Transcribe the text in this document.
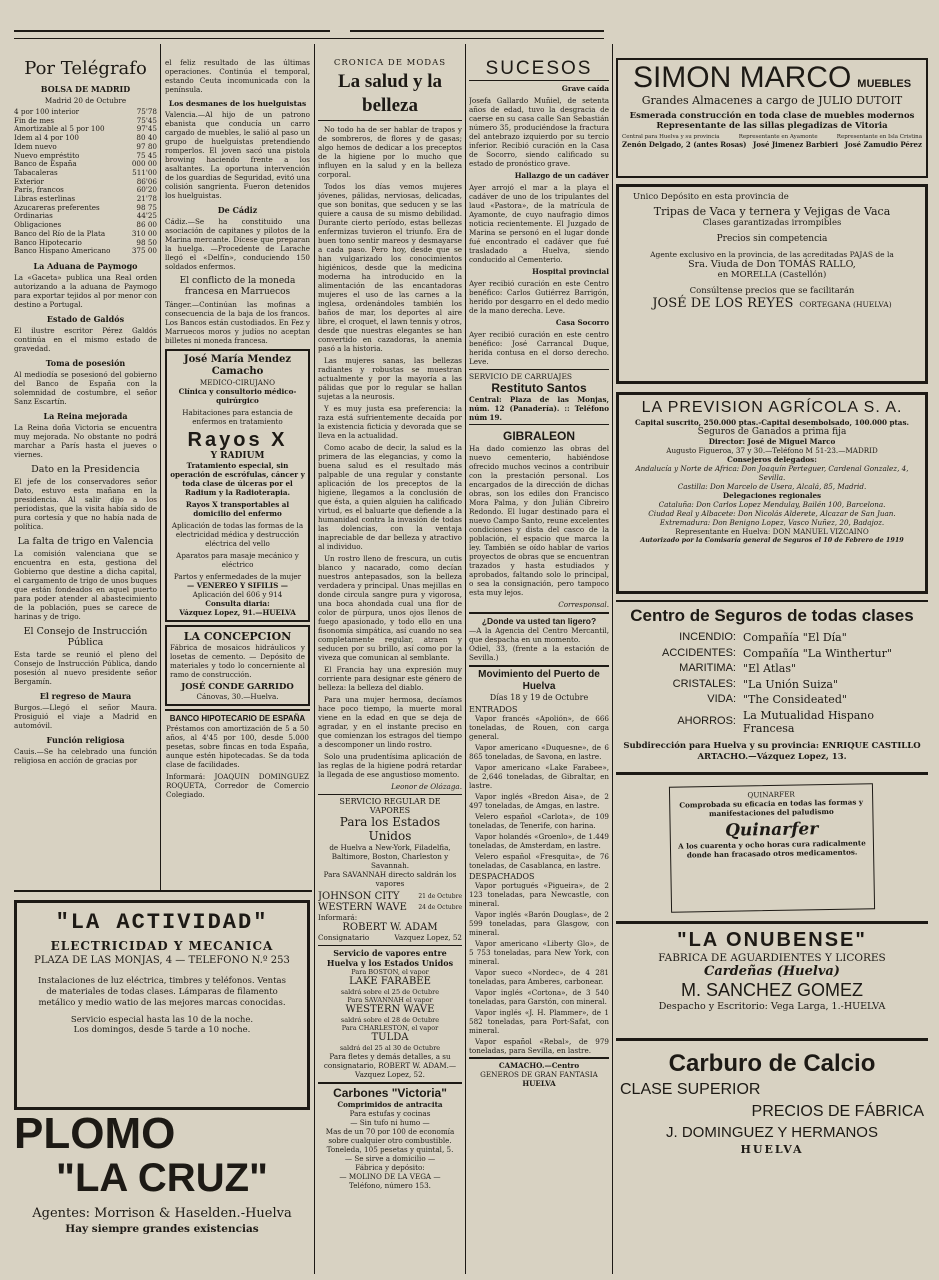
Por Telégrafo
BOLSA DE MADRID
Madrid 20 de Octubre
4 por 100 interior	75'78
Fin de mes	75'45
Amortizable al 5 por 100	97'45
Idem al 4 por 100	80 40
Idem nuevo	97 80
Nuevo empréstito	75 45
Banco de España	000 00
Tabacaleras	511'00
Exterior	86'06
París, francos	60'20
Libras esterlinas	21'78
Azucareras preferentes	98 75
Ordinarias	44'25
Obligaciones	86 00
Banco del Río de la Plata	310 00
Banco Hipotecario	98 50
Banco Hispano Americano	375 00
La Aduana de Paymogo

La «Gaceta» publica una Real orden autorizando a la aduana de Paymogo para exportar tejidos al por menor con destino a Portugal.

Estado de Galdós

El ilustre escritor Pérez Galdós continúa en el mismo estado de gravedad.

Toma de posesión

Al mediodía se posesionó del gobierno del Banco de España con la solemnidad de costumbre, el señor Sanz Escartín.

La Reina mejorada

La Reina doña Victoria se encuentra muy mejorada. No obstante no podrá marchar a París hasta el jueves o viernes.

Dato en la Presidencia

El jefe de los conservadores señor Dato, estuvo esta mañana en la presidencia. Al salir dijo a los periodistas, que la visita había sido de pura cortesía y que no había nada de política.

La falta de trigo en Valencia

La comisión valenciana que se encuentra en esta, gestiona del Gobierno que destine a dicha capital, el cargamento de trigo de unos buques que están fondeados en aquel puerto para poder atender al abastecimiento de la población, pues se carece de harinas y de trigo.

El Consejo de Instrucción Pública

Esta tarde se reunió el pleno del Consejo de Instrucción Pública, dando posesión al nuevo presidente señor Bergamín.

El regreso de Maura

Burgos.—Llegó el señor Maura. Prosiguió el viaje a Madrid en automóvil.

Función religiosa

Cauis.—Se ha celebrado una función religiosa en acción de gracias por

el feliz resultado de las últimas operaciones. Continúa el temporal, estando Ceuta incomunicada con la península.

Los desmanes de los huelguistas

Valencia.—Al hijo de un patrono ebanista que conducía un carro cargado de muebles, le salió al paso un grupo de huelguistas pretendiendo romperlos. El joven sacó una pistola browing haciendo frente a los asaltantes. La oportuna intervención de los guardias de Seguridad, evitó una colisión sangrienta. Fueron detenidos los huelguistas.

De Cádiz

Cádiz.—Se ha constituido una asociación de capitanes y pilotos de la Marina mercante. Dícese que preparan la huelga. —Procedente de Larache llegó el «Delfín», conduciendo 150 soldados enfermos.

El conflicto de la moneda francesa en Marruecos

Tánger.—Continúan las mofinas a consecuencia de la baja de los francos. Los Bancos están custodiados. En Fez y Marruecos moros y judíos no aceptan billetes ni moneda francesa.

José María Mendez Camacho
MEDICO-CIRUJANO
Clínica y consultorio médico-quirúrgico
Habitaciones para estancia de enfermos en tratamiento
Rayos X
Y RADIUM
Tratamiento especial, sin operación de escrófulas, cáncer y toda clase de úlceras por el Radium y la Radioterapia.
Rayos X transportables al domicilio del enfermo
Aplicación de todas las formas de la electricidad médica y destrucción eléctrica del vello
Aparatos para masaje mecánico y eléctrico
Partos y enfermedades de la mujer
— VENEREO Y SIFILIS —
Aplicación del 606 y 914
Consulta diaria:
Vázquez Lopez, 91.—HUELVA
LA CONCEPCION
Fábrica de mosaicos hidráulicos y losetas de cemento. — Depósito de materiales y todo lo concerniente al ramo de construcción.
JOSÉ CONDE GARRIDO
Cánovas, 30.—Huelva.
BANCO HIPOTECARIO DE ESPAÑA
Préstamos con amortización de 5 a 50 años, al 4'45 por 100, desde 5.000 pesetas, sobre fincas en toda España, aunque estén hipotecadas. Se da toda clase de facilidades.
Informará: JOAQUIN DOMINGUEZ ROQUETA, Corredor de Comercio Colegiado.
CRONICA DE MODAS
La salud y la belleza

No todo ha de ser hablar de trapos y de sombreros, de flores y de gasas; algo hemos de dedicar a los preceptos de la higiene por lo mucho que influyen en la salud y en la belleza corporal.

Todos los días vemos mujeres jóvenes, pálidas, nerviosas, delicadas, que son bonitas, que seducen y se las quiere a causa de su mismo debilidad. Durante cierto período, estas bellezas enfermizas tuvieron el triunfo. Era de buen tono sentir mareos y desmayarse a cada paso. Pero hoy, desde que se han vulgarizado los conocimientos higiénicos, desde que la medicina moderna ha introducido en la alimentación de las encantadoras mujeres el uso de las carnes a la inglesa, ordenándoles también los baños de mar, los deportes al aire libre, el croquet, el lawn tennis y otros, desde que nuestras elegantes se han convertido en cazadoras, la anemia pasó a la historia.

Las mujeres sanas, las bellezas radiantes y robustas se muestran actualmente y por la mayoría a las pálidas que por lo regular se hallan sujetas a la neurosis.

Y es muy justa esa preferencia: la raza está sufrientemente decaída por la existencia ficticia y devorada que se lleva en la actualidad.

Como acabo de decir, la salud es la primera de las elegancias, y como la buena salud es el resultado más palpable de una regular y constante aplicación de los preceptos de la higiene, llegamos a la conclusión de que ésta, a quien alguien ha calificado virtud, es el baluarte que defiende a la humanidad contra la invasión de todas las dolencias, con la ventaja inapreciable de dar belleza y atractivo al individuo.

Un rostro lleno de frescura, un cutis blanco y nacarado, como decían nuestros antepasados, son la belleza verdadera y principal. Unas mejillas en donde circula sangre pura y vigorosa, una boca ahondada cual una flor de color de púrpura, unos ojos llenos de fuego apasionado, y todo ello en una fisonomía simpática, así cuando no sea completamente regular, atraen y seducen por su brillo, así como por la viveza que comunican al semblante.

El Francia hay una expresión muy corriente para designar este género de belleza: la belleza del diablo.

Para una mujer hermosa, decíamos hace poco tiempo, la muerte moral viene en la edad en que se deja de agradar, y en el instante preciso en que comienzan los estragos del tiempo a descomponer un lindo rostro.

Solo una prudentísima aplicación de las reglas de la higiene podrá retardar la llegada de ese angustioso momento.

Leonor de Olózaga.
SERVICIO REGULAR DE VAPORES
Para los Estados Unidos
de Huelva a New-York, Filadelfia, Baltimore, Boston, Charleston y Savannah.
Para SAVANNAH directo saldrán los vapores
JOHNSON CITY	21 de Octubre
WESTERN WAVE 24 de Octubre
Informará:
ROBERT W. ADAM
Consignatario	Vazquez Lopez, 52
Servicio de vapores entre Huelva y los Estados Unidos
Para BOSTON, el vapor
LAKE FARABEE
saldrá sobre el 25 de Octubre
Para SAVANNAH el vapor
WESTERN WAVE
saldrá sobre el 28 de Octubre
Para CHARLESTON, el vapor
TULDA
saldrá del 25 al 30 de Octubre
Para fletes y demás detalles, a su consignatario, ROBERT W. ADAM.—Vazquez Lopez, 52.
Carbones "Victoria"
Comprimidos de antracita
Para estufas y cocinas
— Sin tufo ni humo —
Mas de un 70 por 100 de economía sobre cualquier otro combustible.
Toneleda, 105 pesetas y quintal, 5.
— Se sirve a domicilio —
Fábrica y depósito:
— MOLINO DE LA VEGA —
Teléfono, número 153.
SUCESOS
Grave caída

Josefa Gallardo Muñiel, de setenta años de edad, tuvo la desgracia de caerse en su casa calle San Sebastián número 35, produciéndose la fractura del antebrazo izquierdo por su tercio inferior. Recibió curación en la Casa de Socorro, siendo calificado su estado de pronóstico grave.

Hallazgo de un cadáver

Ayer arrojó el mar a la playa el cadáver de uno de los tripulantes del laud «Pastora», de la matrícula de Ayamonte, de cuyo naufragio dimos noticia recientemente. El Juzgado de Marina se personó en el lugar donde fué encontrado el cadáver que fué trasladado a Huelva, siendo conducido al Cementerio.

Hospital provincial

Ayer recibió curación en este Centro benéfico: Carlos Gutiérrez Barrigón, herido por desgarro en el dedo medio de la mano derecha. Leve.

Casa Socorro

Ayer recibió curación en este centro benéfico: José Carrancal Duque, herida contusa en el dorso derecho. Leve.

SERVICIO DE CARRUAJES
Restituto Santos
Central: Plaza de las Monjas, núm. 12 (Panadería). :: Teléfono núm 19.
GIBRALEON

Ha dado comienzo las obras del nuevo cementerio, habiéndose ofrecido muchos vecinos a contribuir con la prestación personal. Los encargados de la dirección de dichas obras, son los ediles don Francisco Mora Palma, y don Julián Cibreiro Redondo. El lugar destinado para el nuevo Campo Santo, reune excelentes condiciones y dista del casco de la población, el espacio que marca la ley. También se oído hablar de varios proyectos de obras que se encuentran trazados y hasta estudiados y aprobados, faltando solo lo principal, o sea la consignación, pero tampoco esta muy lejos.

Corresponsal.
¿Donde va usted tan ligero?
—A la Agencia del Centro Mercantil, que despacha en un momento.
Odiel, 33, (frente a la estación de Sevilla.)
Movimiento del Puerto de Huelva
Días 18 y 19 de Octubre
ENTRADOS

Vapor francés «Apolión», de 666 toneladas, de Rouen, con carga general.

Vapor americano «Duquesne», de 6 865 toneladas, de Savona, en lastre.

Vapor americano «Lake Farabee», de 2,646 toneladas, de Gibraltar, en lastre.

Vapor inglés «Bredon Aisa», de 2 497 toneladas, de Amgas, en lastre.

Velero español «Carlota», de 109 toneladas, de Tenerife, con harina.

Vapor holandés «Groenlo», de 1.449 toneladas, de Amsterdam, en lastre.

Velero español «Fresquita», de 76 toneladas, de Casablanca, en lastre.

DESPACHADOS

Vapor portugués «Pigueira», de 2 123 toneladas, para Newcastle, con mineral.

Vapor inglés «Barón Douglas», de 2 599 toneladas, para Glasgow, con mineral.

Vapor americano «Liberty Glo», de 5 753 toneladas, para New York, con mineral.

Vapor sueco «Nordec», de 4 281 toneladas, para Amberes, carbonear.

Vapor inglés «Cortona», de 3 540 toneladas, para Garstón, con mineral.

Vapor inglés «J. H. Plammer», de 1 582 toneladas, para Port-Safat, con mineral.

Vapor español «Rebal», de 979 toneladas, para Sevilla, en lastre.

CAMACHO.—Centro
GENEROS DE GRAN FANTASIA
HUELVA
SIMON MARCO MUEBLES
Grandes Almacenes a cargo de JULIO DUTOIT
Esmerada construcción en toda clase de muebles modernos
Representante de las sillas plegadizas de Vitoria
Central para Huelva y su provincia	Representante en Ayamonte	Representante en Isla Cristina
Zenón Delgado, 2 (antes Rosas) José Jimenez Barbieri José Zamudio Pérez
Unico Depósito en esta provincia de
Tripas de Vaca y ternera y Vejigas de Vaca
Clases garantizadas irrompibles
Precios sin competencia
Agente exclusivo en la provincia, de las acreditadas PAJAS de la
Sra. Viuda de Don TOMÁS RALLO,
en MORELLA (Castellón)
Consúltense precios que se facilitarán
JOSÉ DE LOS REYES CORTEGANA (HUELVA)
LA PREVISION AGRÍCOLA S. A.
Capital suscrito, 250.000 ptas.-Capital desembolsado, 100.000 ptas.
Seguros de Ganados a prima fija
Director: José de Miguel Marco
Augusto Figueroa, 37 y 30.—Teléfono M 51-23.—MADRID
Consejeros delegados:
Andalucía y Norte de Africa: Don Joaquín Perteguer, Cardenal Gonzalez, 4, Sevilla.
Castilla: Don Marcelo de Usera, Alcalá, 85, Madrid.
Delegaciones regionales
Cataluña: Don Carlos Lopez Mendulay, Bailén 100, Barcelona.
Ciudad Real y Albacete: Don Nicolás Alderete, Alcazar de San Juan.
Extremadura: Don Benigno Lopez, Vasco Nuñez, 20, Badajoz.
Representante en Huelva: DON MANUEL VIZCAINO
Autorizado por la Comisaría general de Seguros el 10 de Febrero de 1919
Centro de Seguros de todas clases
INCENDIO:	Compañía "El Día"
ACCIDENTES:	Compañía "La Winthertur"
MARITIMA:	"El Atlas"
CRISTALES:	"La Unión Suiza"
VIDA:	"The Consideated"
AHORROS:	La Mutualidad Hispano Francesa
Subdirección para Huelva y su provincia: ENRIQUE CASTILLO ARTACHO.—Vázquez Lopez, 13.
QUINARFER
Comprobada su eficacia en todas las formas y manifestaciones del paludismo
Quinarfer
A los cuarenta y ocho horas cura radicalmente donde han fracasado otros medicamentos.
"LA ONUBENSE"
FABRICA DE AGUARDIENTES Y LICORES
Cardeñas (Huelva)
M. SANCHEZ GOMEZ
Despacho y Escritorio: Vega Larga, 1.-HUELVA
Carburo de Calcio
CLASE SUPERIOR
PRECIOS DE FÁBRICA
J. DOMINGUEZ Y HERMANOS
HUELVA
"LA ACTIVIDAD"
ELECTRICIDAD Y MECANICA
PLAZA DE LAS MONJAS, 4 — TELEFONO N.º 253
Instalaciones de luz eléctrica, timbres y teléfonos. Ventas de materiales de todas clases. Lámparas de filamento metálico y medio watio de las mejores marcas conocidas.
Servicio especial hasta las 10 de la noche.
Los domingos, desde 5 tarde a 10 noche.
PLOMO
"LA CRUZ"
Agentes: Morrison & Haselden.-Huelva
Hay siempre grandes existencias
